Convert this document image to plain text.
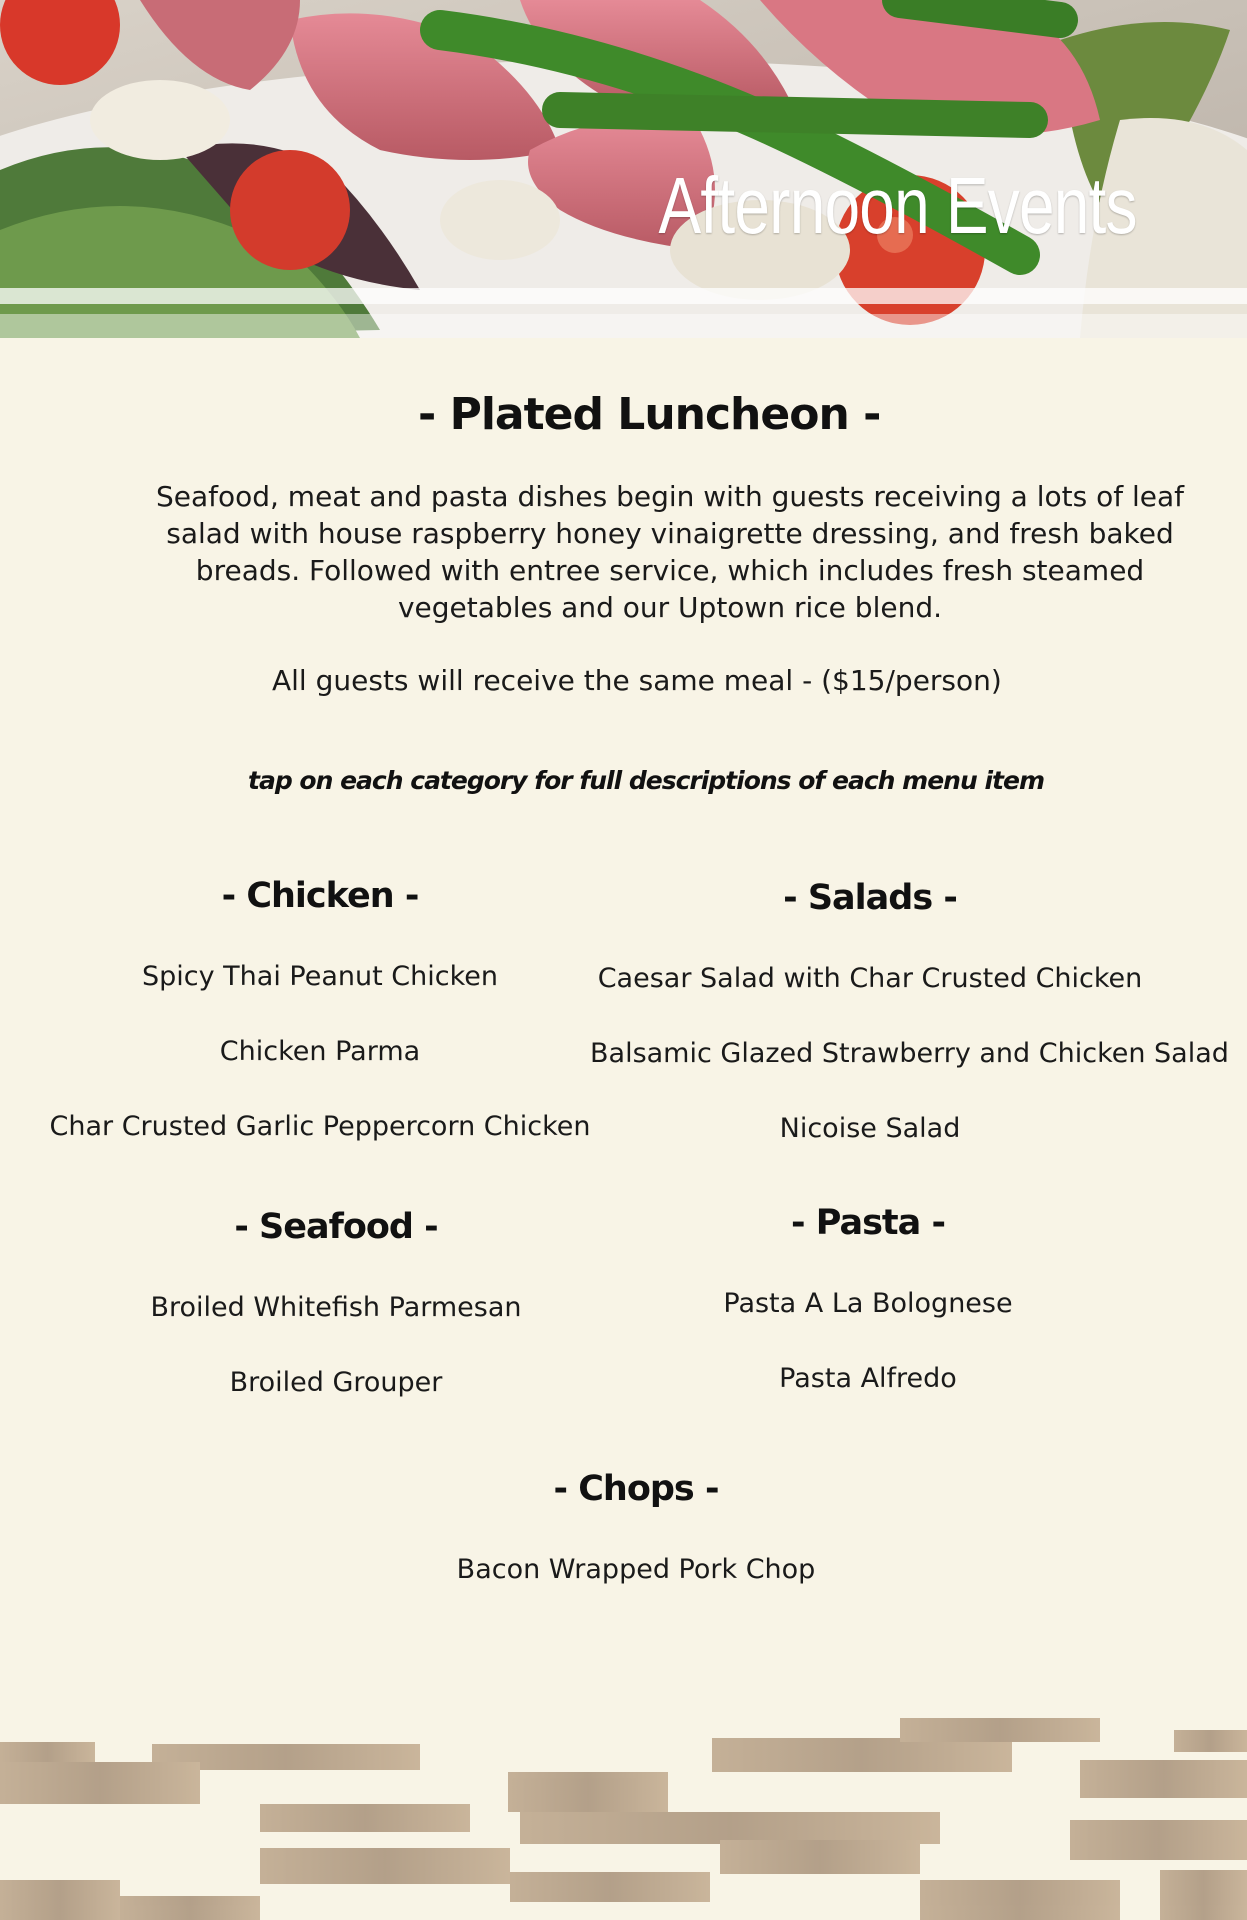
Afternoon Events
- Plated Luncheon -
Seafood, meat and pasta dishes begin with guests receiving a lots of leaf salad with house raspberry honey vinaigrette dressing, and fresh baked breads. Followed with entree service, which includes fresh steamed vegetables and our Uptown rice blend.
All guests will receive the same meal - ($15/person)
tap on each category for full descriptions of each menu item
- Chicken -
Spicy Thai Peanut Chicken
Chicken Parma
Char Crusted Garlic Peppercorn Chicken
- Salads -
Caesar Salad with Char Crusted Chicken
Balsamic Glazed Strawberry and Chicken Salad
Nicoise Salad
- Seafood -
Broiled Whitefish Parmesan
Broiled Grouper
- Pasta -
Pasta A La Bolognese
Pasta Alfredo
- Chops -
Bacon Wrapped Pork Chop
